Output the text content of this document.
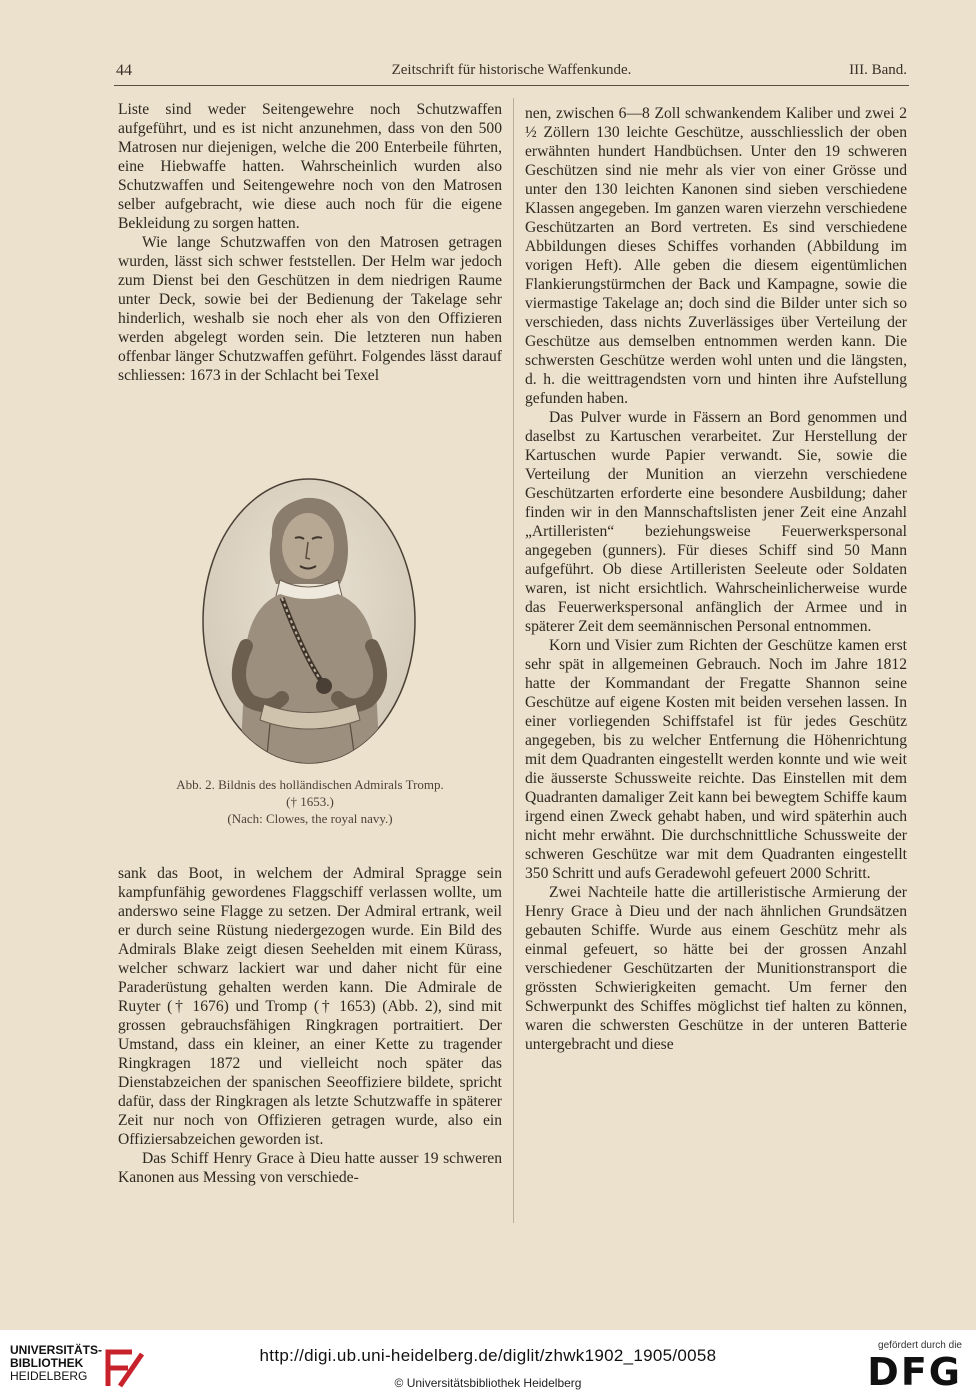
44	Zeitschrift für historische Waffenkunde.	III. Band.

Liste sind weder Seitengewehre noch Schutzwaffen aufgeführt, und es ist nicht anzunehmen, dass von den 500 Matrosen nur diejenigen, welche die 200 Enterbeile führten, eine Hiebwaffe hatten. Wahrscheinlich wurden also Schutzwaffen und Seitengewehre noch von den Matrosen selber aufgebracht, wie diese auch noch für die eigene Bekleidung zu sorgen hatten.

Wie lange Schutzwaffen von den Matrosen getragen wurden, lässt sich schwer feststellen. Der Helm war jedoch zum Dienst bei den Geschützen in dem niedrigen Raume unter Deck, sowie bei der Bedienung der Takelage sehr hinderlich, weshalb sie noch eher als von den Offizieren werden abgelegt worden sein. Die letzteren nun haben offenbar länger Schutzwaffen geführt. Folgendes lässt darauf schliessen: 1673 in der Schlacht bei Texel

Abb. 2. Bildnis des holländischen Admirals Tromp.
(† 1653.)
(Nach: Clowes, the royal navy.)

sank das Boot, in welchem der Admiral Spragge sein kampfunfähig gewordenes Flaggschiff verlassen wollte, um anderswo seine Flagge zu setzen. Der Admiral ertrank, weil er durch seine Rüstung niedergezogen wurde. Ein Bild des Admirals Blake zeigt diesen Seehelden mit einem Kürass, welcher schwarz lackiert war und daher nicht für eine Paraderüstung gehalten werden kann. Die Admirale de Ruyter († 1676) und Tromp († 1653) (Abb. 2), sind mit grossen gebrauchsfähigen Ringkragen portraitiert. Der Umstand, dass ein kleiner, an einer Kette zu tragender Ringkragen 1872 und vielleicht noch später das Dienstabzeichen der spanischen Seeoffiziere bildete, spricht dafür, dass der Ringkragen als letzte Schutzwaffe in späterer Zeit nur noch von Offizieren getragen wurde, also ein Offiziersabzeichen geworden ist.

Das Schiff Henry Grace à Dieu hatte ausser 19 schweren Kanonen aus Messing von verschiede-

nen, zwischen 6—8 Zoll schwankendem Kaliber und zwei 2 ½ Zöllern 130 leichte Geschütze, ausschliesslich der oben erwähnten hundert Handbüchsen. Unter den 19 schweren Geschützen sind nie mehr als vier von einer Grösse und unter den 130 leichten Kanonen sind sieben verschiedene Klassen angegeben. Im ganzen waren vierzehn verschiedene Geschützarten an Bord vertreten. Es sind verschiedene Abbildungen dieses Schiffes vorhanden (Abbildung im vorigen Heft). Alle geben die diesem eigentümlichen Flankierungstürmchen der Back und Kampagne, sowie die viermastige Takelage an; doch sind die Bilder unter sich so verschieden, dass nichts Zuverlässiges über Verteilung der Geschütze aus demselben entnommen werden kann. Die schwersten Geschütze werden wohl unten und die längsten, d. h. die weittragendsten vorn und hinten ihre Aufstellung gefunden haben.

Das Pulver wurde in Fässern an Bord genommen und daselbst zu Kartuschen verarbeitet. Zur Herstellung der Kartuschen wurde Papier verwandt. Sie, sowie die Verteilung der Munition an vierzehn verschiedene Geschützarten erforderte eine besondere Ausbildung; daher finden wir in den Mannschaftslisten jener Zeit eine Anzahl „Artilleristen“ beziehungsweise Feuerwerkspersonal angegeben (gunners). Für dieses Schiff sind 50 Mann aufgeführt. Ob diese Artilleristen Seeleute oder Soldaten waren, ist nicht ersichtlich. Wahrscheinlicherweise wurde das Feuerwerkspersonal anfänglich der Armee und in späterer Zeit dem seemännischen Personal entnommen.

Korn und Visier zum Richten der Geschütze kamen erst sehr spät in allgemeinen Gebrauch. Noch im Jahre 1812 hatte der Kommandant der Fregatte Shannon seine Geschütze auf eigene Kosten mit beiden versehen lassen. In einer vorliegenden Schiffstafel ist für jedes Geschütz angegeben, bis zu welcher Entfernung die Höhenrichtung mit dem Quadranten eingestellt werden konnte und wie weit die äusserste Schussweite reichte. Das Einstellen mit dem Quadranten damaliger Zeit kann bei bewegtem Schiffe kaum irgend einen Zweck gehabt haben, und wird späterhin auch nicht mehr erwähnt. Die durchschnittliche Schussweite der schweren Geschütze war mit dem Quadranten eingestellt 350 Schritt und aufs Geradewohl gefeuert 2000 Schritt.

Zwei Nachteile hatte die artilleristische Armierung der Henry Grace à Dieu und der nach ähnlichen Grundsätzen gebauten Schiffe. Wurde aus einem Geschütz mehr als einmal gefeuert, so hätte bei der grossen Anzahl verschiedener Geschützarten der Munitionstransport die grössten Schwierigkeiten gemacht. Um ferner den Schwerpunkt des Schiffes möglichst tief halten zu können, waren die schwersten Geschütze in der unteren Batterie untergebracht und diese

UNIVERSITÄTS-
BIBLIOTHEK
HEIDELBERG
http://digi.ub.uni-heidelberg.de/diglit/zhwk1902_1905/0058
© Universitätsbibliothek Heidelberg
gefördert durch die
DFG
